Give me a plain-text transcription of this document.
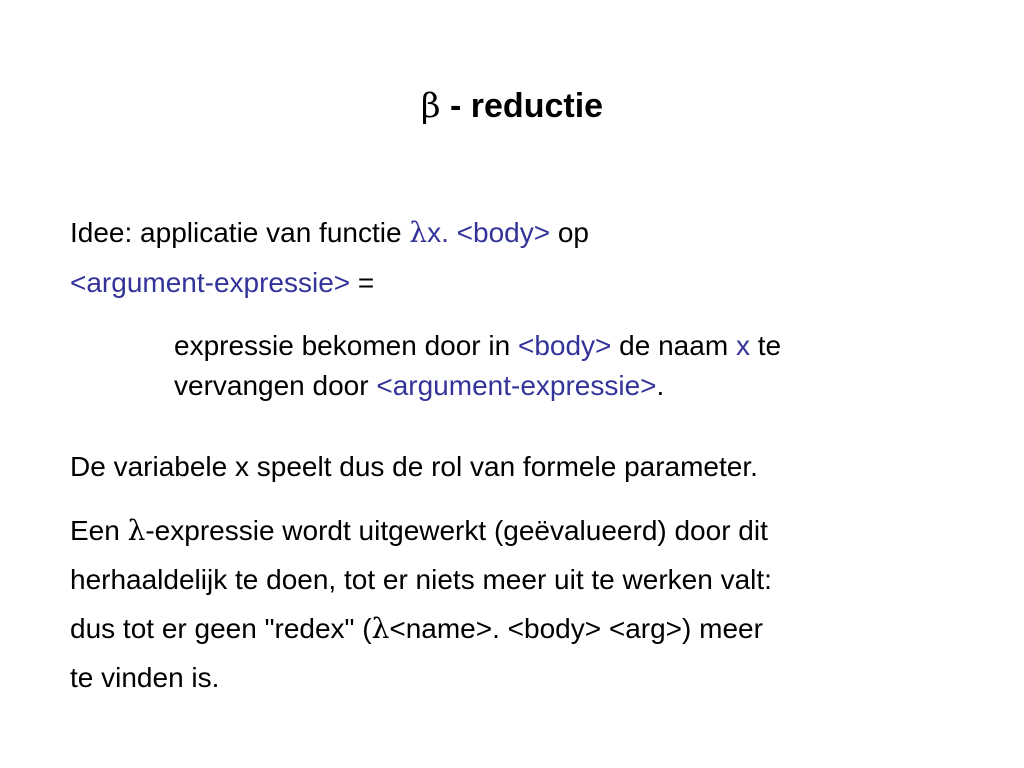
β - reductie
Idee: applicatie van functie λx. <body> op
<argument-expressie> =
expressie bekomen door in <body> de naam x te
vervangen door <argument-expressie>.
De variabele x speelt dus de rol van formele parameter.
Een λ-expressie wordt uitgewerkt (geëvalueerd) door dit
herhaaldelijk te doen, tot er niets meer uit te werken valt:
dus tot er geen "redex" (λ<name>. <body> <arg>) meer
te vinden is.
